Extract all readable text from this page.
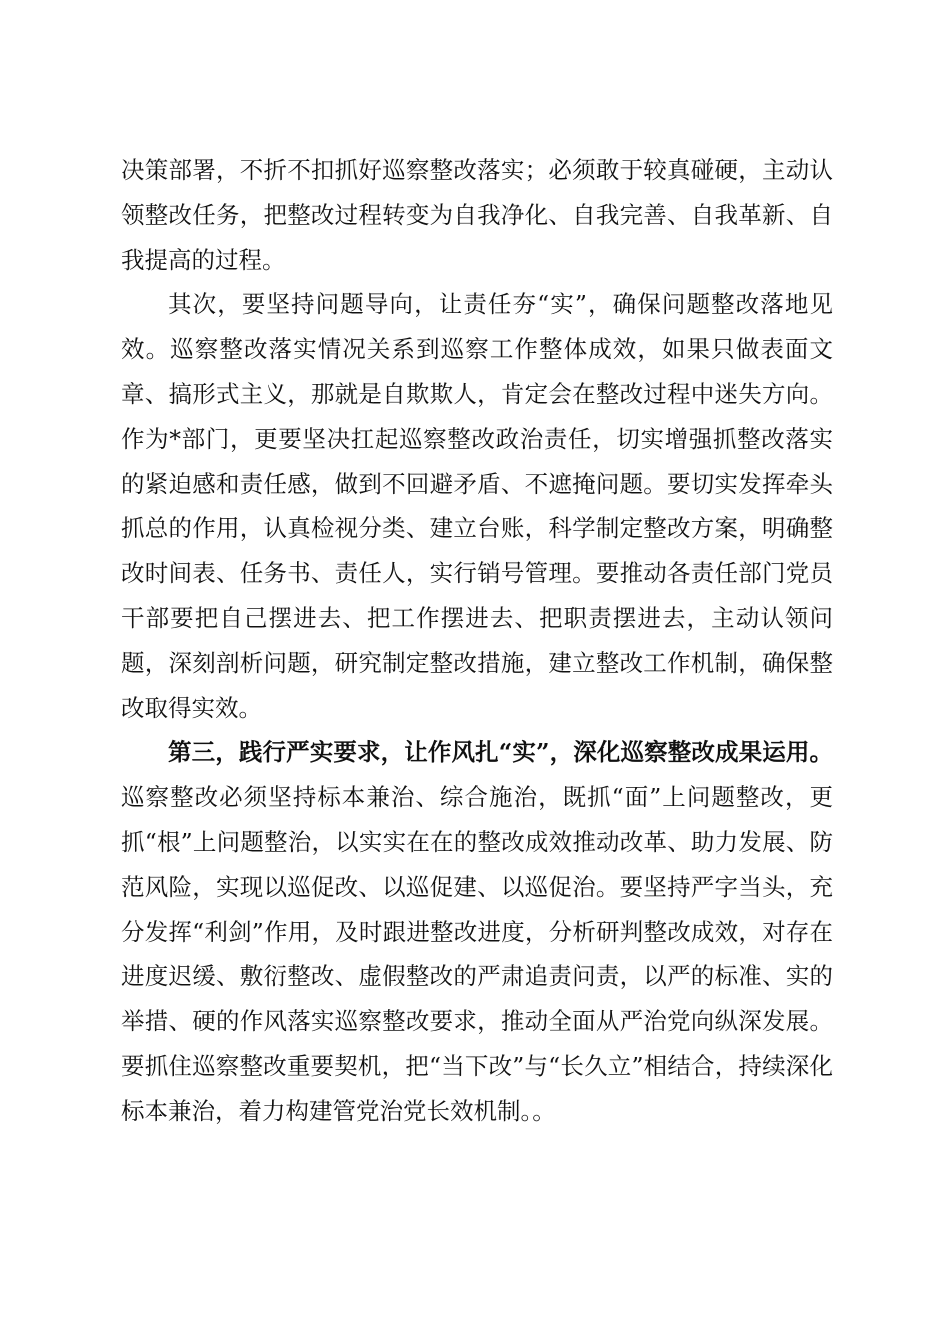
决策部署，不折不扣抓好巡察整改落实；必须敢于较真碰硬，主动认领整改任务，把整改过程转变为自我净化、自我完善、自我革新、自我提高的过程。

其次，要坚持问题导向，让责任夯“实”，确保问题整改落地见效。巡察整改落实情况关系到巡察工作整体成效，如果只做表面文章、搞形式主义，那就是自欺欺人，肯定会在整改过程中迷失方向。作为*部门，更要坚决扛起巡察整改政治责任，切实增强抓整改落实的紧迫感和责任感，做到不回避矛盾、不遮掩问题。要切实发挥牵头抓总的作用，认真检视分类、建立台账，科学制定整改方案，明确整改时间表、任务书、责任人，实行销号管理。要推动各责任部门党员干部要把自己摆进去、把工作摆进去、把职责摆进去，主动认领问题，深刻剖析问题，研究制定整改措施，建立整改工作机制，确保整改取得实效。

第三，践行严实要求，让作风扎“实”，深化巡察整改成果运用。巡察整改必须坚持标本兼治、综合施治，既抓“面”上问题整改，更抓“根”上问题整治，以实实在在的整改成效推动改革、助力发展、防范风险，实现以巡促改、以巡促建、以巡促治。要坚持严字当头，充分发挥“利剑”作用，及时跟进整改进度，分析研判整改成效，对存在进度迟缓、敷衍整改、虚假整改的严肃追责问责，以严的标准、实的举措、硬的作风落实巡察整改要求，推动全面从严治党向纵深发展。要抓住巡察整改重要契机，把“当下改”与“长久立”相结合，持续深化标本兼治，着力构建管党治党长效机制。。
